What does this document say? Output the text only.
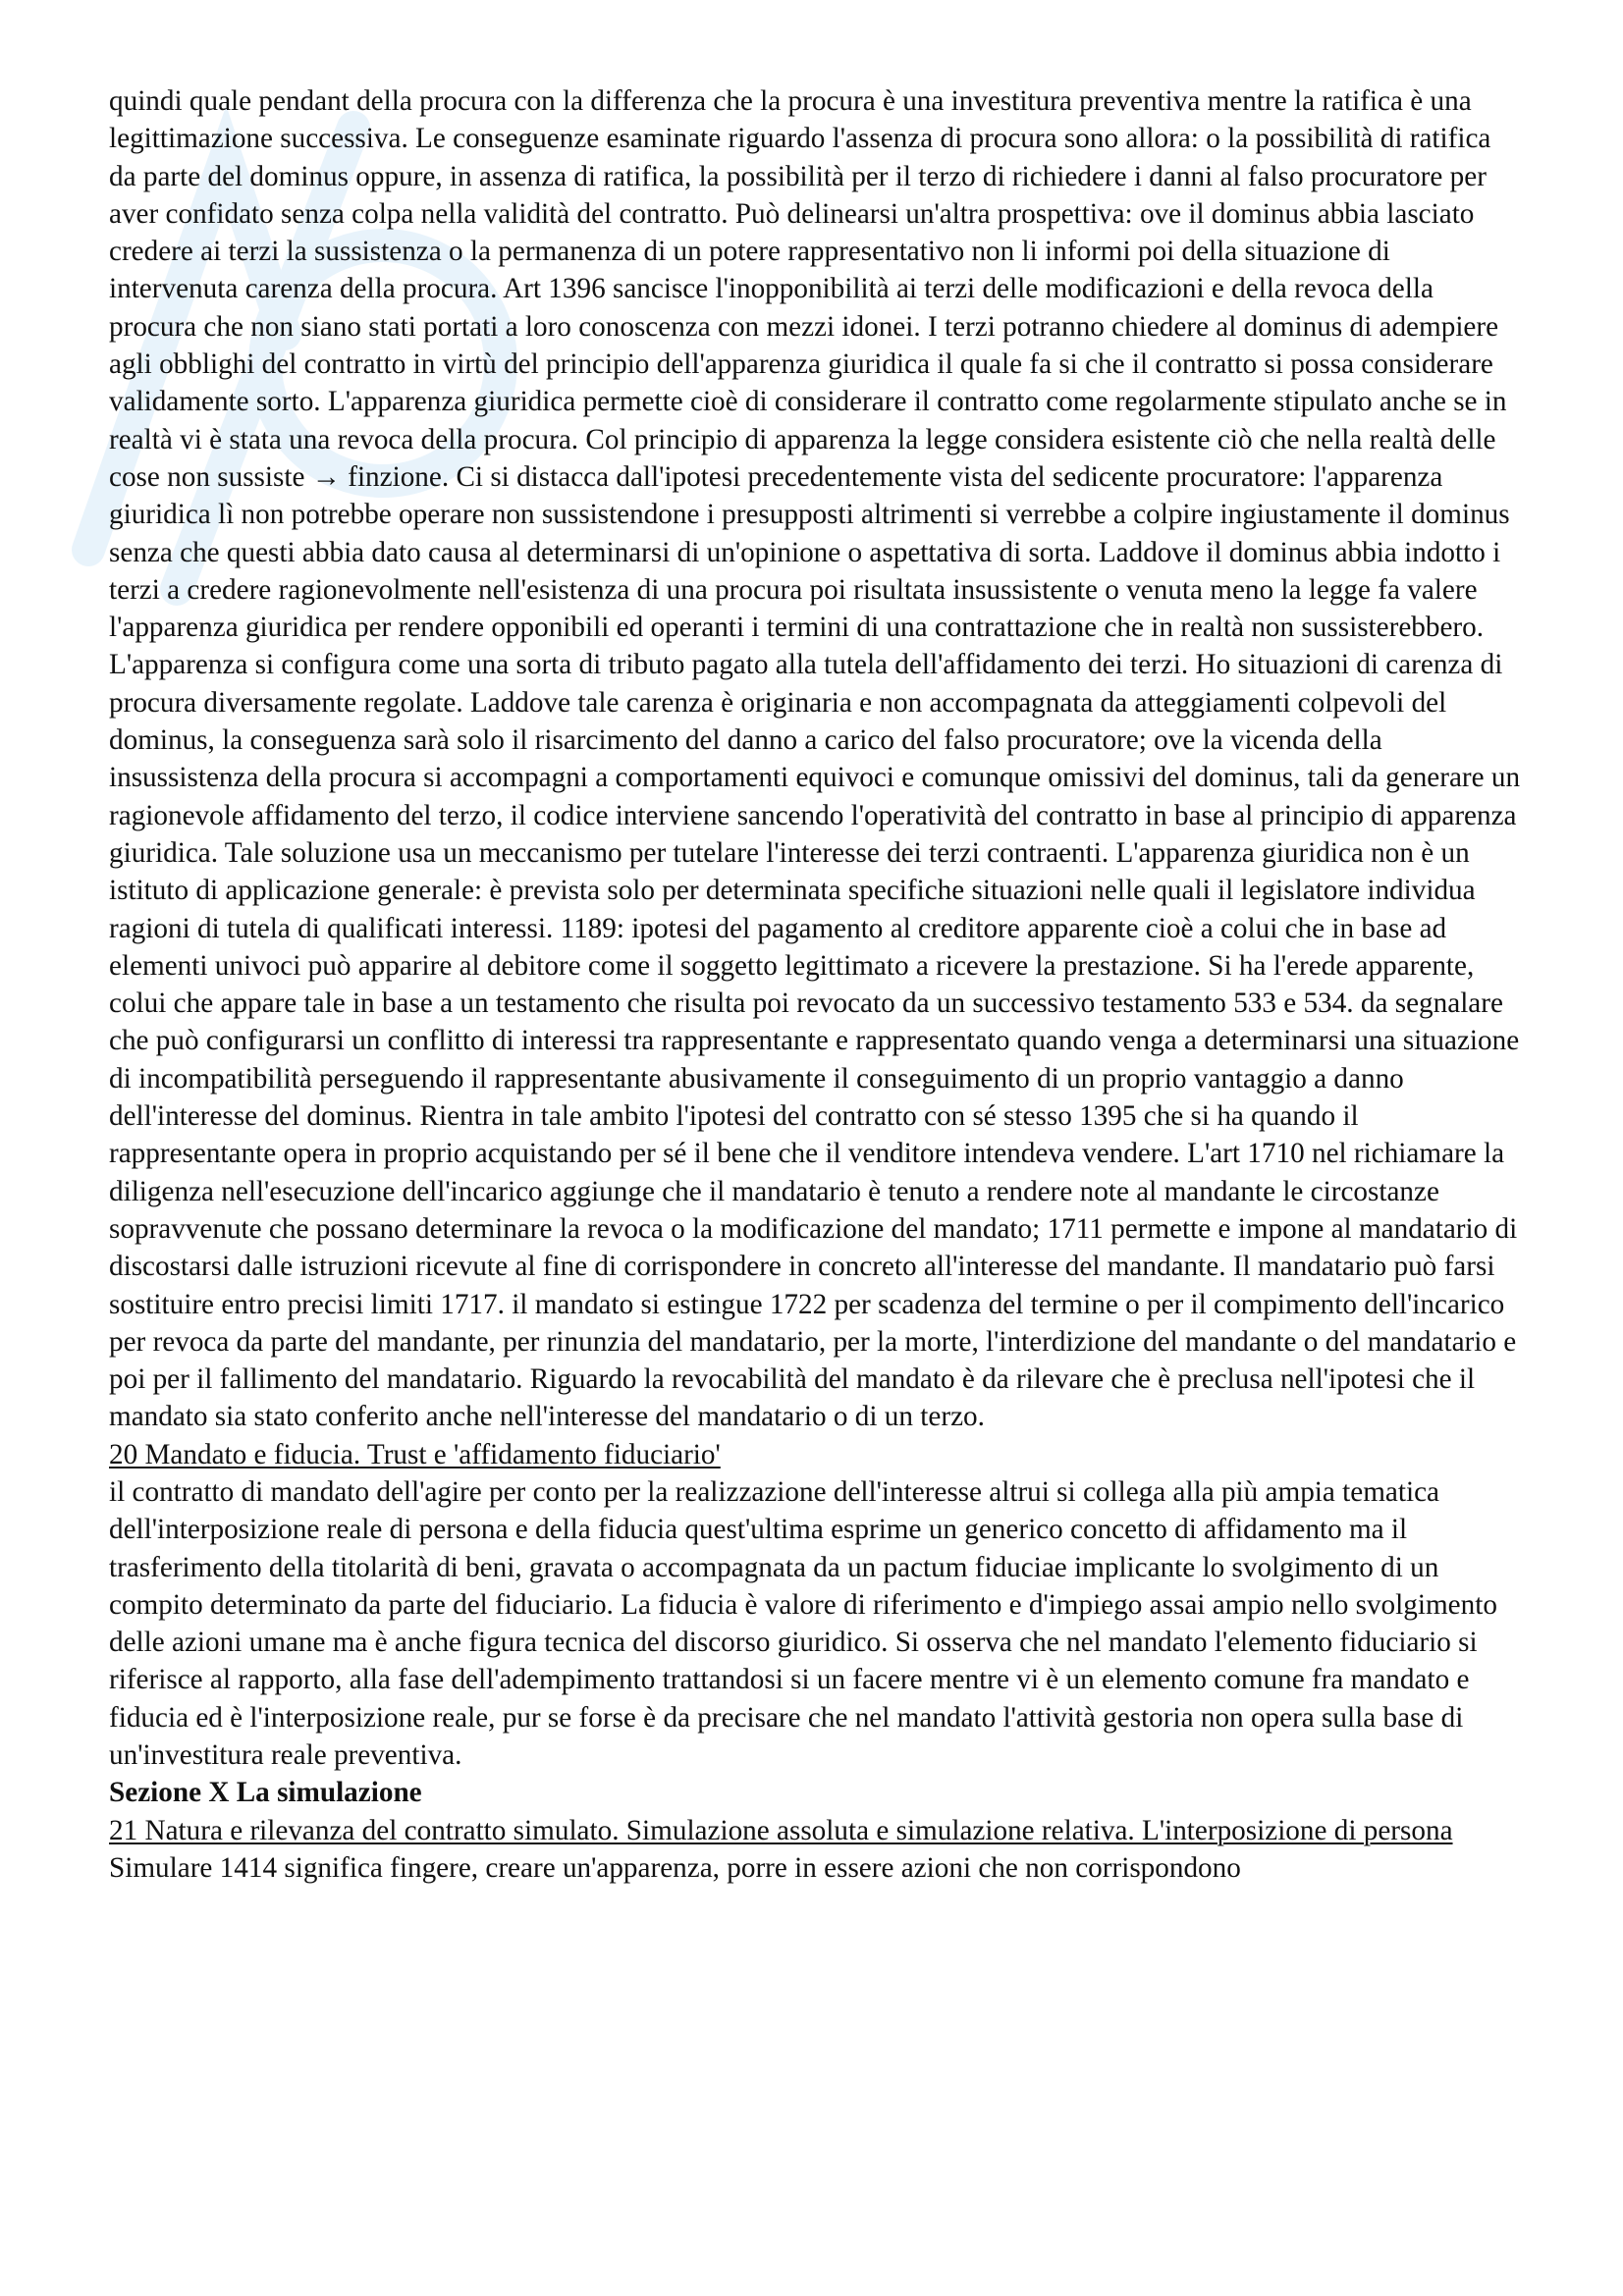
quindi quale pendant della procura con la differenza che la procura è una investitura preventiva mentre la ratifica è una legittimazione successiva. Le conseguenze esaminate riguardo l'assenza di procura sono allora: o la possibilità di ratifica da parte del dominus oppure, in assenza di ratifica, la possibilità per il terzo di richiedere i danni al falso procuratore per aver confidato senza colpa nella validità del contratto. Può delinearsi un'altra prospettiva: ove il dominus abbia lasciato credere ai terzi la sussistenza o la permanenza di un potere rappresentativo non li informi poi della situazione di intervenuta carenza della procura. Art 1396 sancisce l'inopponibilità ai terzi delle modificazioni e della revoca della procura che non siano stati portati a loro conoscenza con mezzi idonei. I terzi potranno chiedere al dominus di adempiere agli obblighi del contratto in virtù del principio dell'apparenza giuridica il quale fa si che il contratto si possa considerare validamente sorto. L'apparenza giuridica permette cioè di considerare il contratto come regolarmente stipulato anche se in realtà vi è stata una revoca della procura. Col principio di apparenza la legge considera esistente ciò che nella realtà delle cose non sussiste → finzione. Ci si distacca dall'ipotesi precedentemente vista del sedicente procuratore: l'apparenza giuridica lì non potrebbe operare non sussistendone i presupposti altrimenti si verrebbe a colpire ingiustamente il dominus senza che questi abbia dato causa al determinarsi di un'opinione o aspettativa di sorta. Laddove il dominus abbia indotto i terzi a credere ragionevolmente nell'esistenza di una procura poi risultata insussistente o venuta meno la legge fa valere l'apparenza giuridica per rendere opponibili ed operanti i termini di una contrattazione che in realtà non sussisterebbero. L'apparenza si configura come una sorta di tributo pagato alla tutela dell'affidamento dei terzi. Ho situazioni di carenza di procura diversamente regolate. Laddove tale carenza è originaria e non accompagnata da atteggiamenti colpevoli del dominus, la conseguenza sarà solo il risarcimento del danno a carico del falso procuratore; ove la vicenda della insussistenza della procura si accompagni a comportamenti equivoci e comunque omissivi del dominus, tali da generare un ragionevole affidamento del terzo, il codice interviene sancendo l'operatività del contratto in base al principio di apparenza giuridica. Tale soluzione usa un meccanismo per tutelare l'interesse dei terzi contraenti. L'apparenza giuridica non è un istituto di applicazione generale: è prevista solo per determinata specifiche situazioni nelle quali il legislatore individua ragioni di tutela di qualificati interessi. 1189: ipotesi del pagamento al creditore apparente cioè a colui che in base ad elementi univoci può apparire al debitore come il soggetto legittimato a ricevere la prestazione. Si ha l'erede apparente, colui che appare tale in base a un testamento che risulta poi revocato da un successivo testamento 533 e 534. da segnalare che può configurarsi un conflitto di interessi tra rappresentante e rappresentato quando venga a determinarsi una situazione di incompatibilità perseguendo il rappresentante abusivamente il conseguimento di un proprio vantaggio a danno dell'interesse del dominus. Rientra in tale ambito l'ipotesi del contratto con sé stesso 1395 che si ha quando il rappresentante opera in proprio acquistando per sé il bene che il venditore intendeva vendere. L'art 1710 nel richiamare la diligenza nell'esecuzione dell'incarico aggiunge che il mandatario è tenuto a rendere note al mandante le circostanze sopravvenute che possano determinare la revoca o la modificazione del mandato; 1711 permette e impone al mandatario di discostarsi dalle istruzioni ricevute al fine di corrispondere in concreto all'interesse del mandante. Il mandatario può farsi sostituire entro precisi limiti 1717. il mandato si estingue 1722 per scadenza del termine o per il compimento dell'incarico per revoca da parte del mandante, per rinunzia del mandatario, per la morte, l'interdizione del mandante o del mandatario e poi per il fallimento del mandatario. Riguardo la revocabilità del mandato è da rilevare che è preclusa nell'ipotesi che il mandato sia stato conferito anche nell'interesse del mandatario o di un terzo.

20 Mandato e fiducia. Trust e 'affidamento fiduciario'

il contratto di mandato dell'agire per conto per la realizzazione dell'interesse altrui si collega alla più ampia tematica dell'interposizione reale di persona e della fiducia quest'ultima esprime un generico concetto di affidamento ma il trasferimento della titolarità di beni, gravata o accompagnata da un pactum fiduciae implicante lo svolgimento di un compito determinato da parte del fiduciario. La fiducia è valore di riferimento e d'impiego assai ampio nello svolgimento delle azioni umane ma è anche figura tecnica del discorso giuridico. Si osserva che nel mandato l'elemento fiduciario si riferisce al rapporto, alla fase dell'adempimento trattandosi si un facere mentre vi è un elemento comune fra mandato e fiducia ed è l'interposizione reale, pur se forse è da precisare che nel mandato l'attività gestoria non opera sulla base di un'investitura reale preventiva.

Sezione X La simulazione

21 Natura e rilevanza del contratto simulato. Simulazione assoluta e simulazione relativa. L'interposizione di persona

Simulare 1414 significa fingere, creare un'apparenza, porre in essere azioni che non corrispondono
